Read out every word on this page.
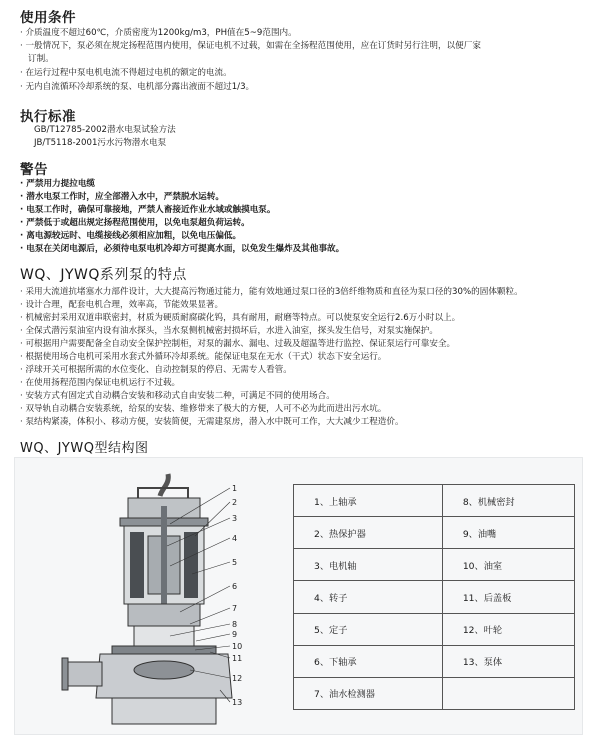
使用条件
· 介质温度不超过60℃，介质密度为1200kg/m3，PH值在5~9范围内。
· 一般情况下，泵必须在规定扬程范围内使用，保证电机不过载，如需在全扬程范围使用，应在订货时另行注明，以便厂家
订制。
· 在运行过程中泵电机电流不得超过电机的额定的电流。
· 无内自流循环冷却系统的泵、电机部分露出液面不超过1/3。
执行标准
GB/T12785-2002潜水电泵试验方法
JB/T5118-2001污水污物潜水电泵
警告
· 严禁用力提拉电缆
· 潜水电泵工作时，应全部潜入水中，严禁脱水运转。
· 电泵工作时，确保可靠接地，严禁人畜接近作业水域或触摸电泵。
· 严禁低于或超出规定扬程范围使用，以免电泵超负荷运转。
· 离电源较远时、电缆接线必须相应加粗，以免电压偏低。
· 电泵在关闭电源后，必须待电泵电机冷却方可提离水面，以免发生爆炸及其他事故。
WQ、JYWQ系列泵的特点
· 采用大流道抗堵塞水力部件设计，大大提高污物通过能力，能有效地通过泵口径的3倍纤维物质和直径为泵口径的30%的固体颗粒。
· 设计合理，配套电机合理，效率高，节能效果显著。
· 机械密封采用双道串联密封，材质为硬质耐腐碳化钨，具有耐用，耐磨等特点。可以使泵安全运行2.6万小时以上。
· 全保式潜污泵油室内设有油水探头，当水泵侧机械密封损坏后，水进入油室，探头发生信号，对泵实施保护。
· 可根据用户需要配备全自动安全保护控制柜，对泵的漏水、漏电、过载及超温等进行监控、保证泵运行可靠安全。
· 根据使用场合电机可采用水套式外循环冷却系统。能保证电泵在无水（干式）状态下安全运行。
· 浮球开关可根据所需的水位变化、自动控制泵的停启、无需专人看管。
· 在使用扬程范围内保证电机运行不过载。
· 安装方式有固定式自动耦合安装和移动式自由安装二种，可满足不同的使用场合。
· 双导轨自动耦合安装系统，给泵的安装、维修带来了极大的方便，人可不必为此而进出污水坑。
· 泵结构紧凑，体积小、移动方便，安装简便，无需建泵房，潜入水中既可工作，大大减少工程造价。
WQ、JYWQ型结构图
1
2
3
4
5
6
7
8
9
10
11
12
13
1、上轴承	8、机械密封
2、热保护器	9、油嘴
3、电机轴	10、油室
4、转子	11、后盖板
5、定子	12、叶轮
6、下轴承	13、泵体
7、油水检测器	
